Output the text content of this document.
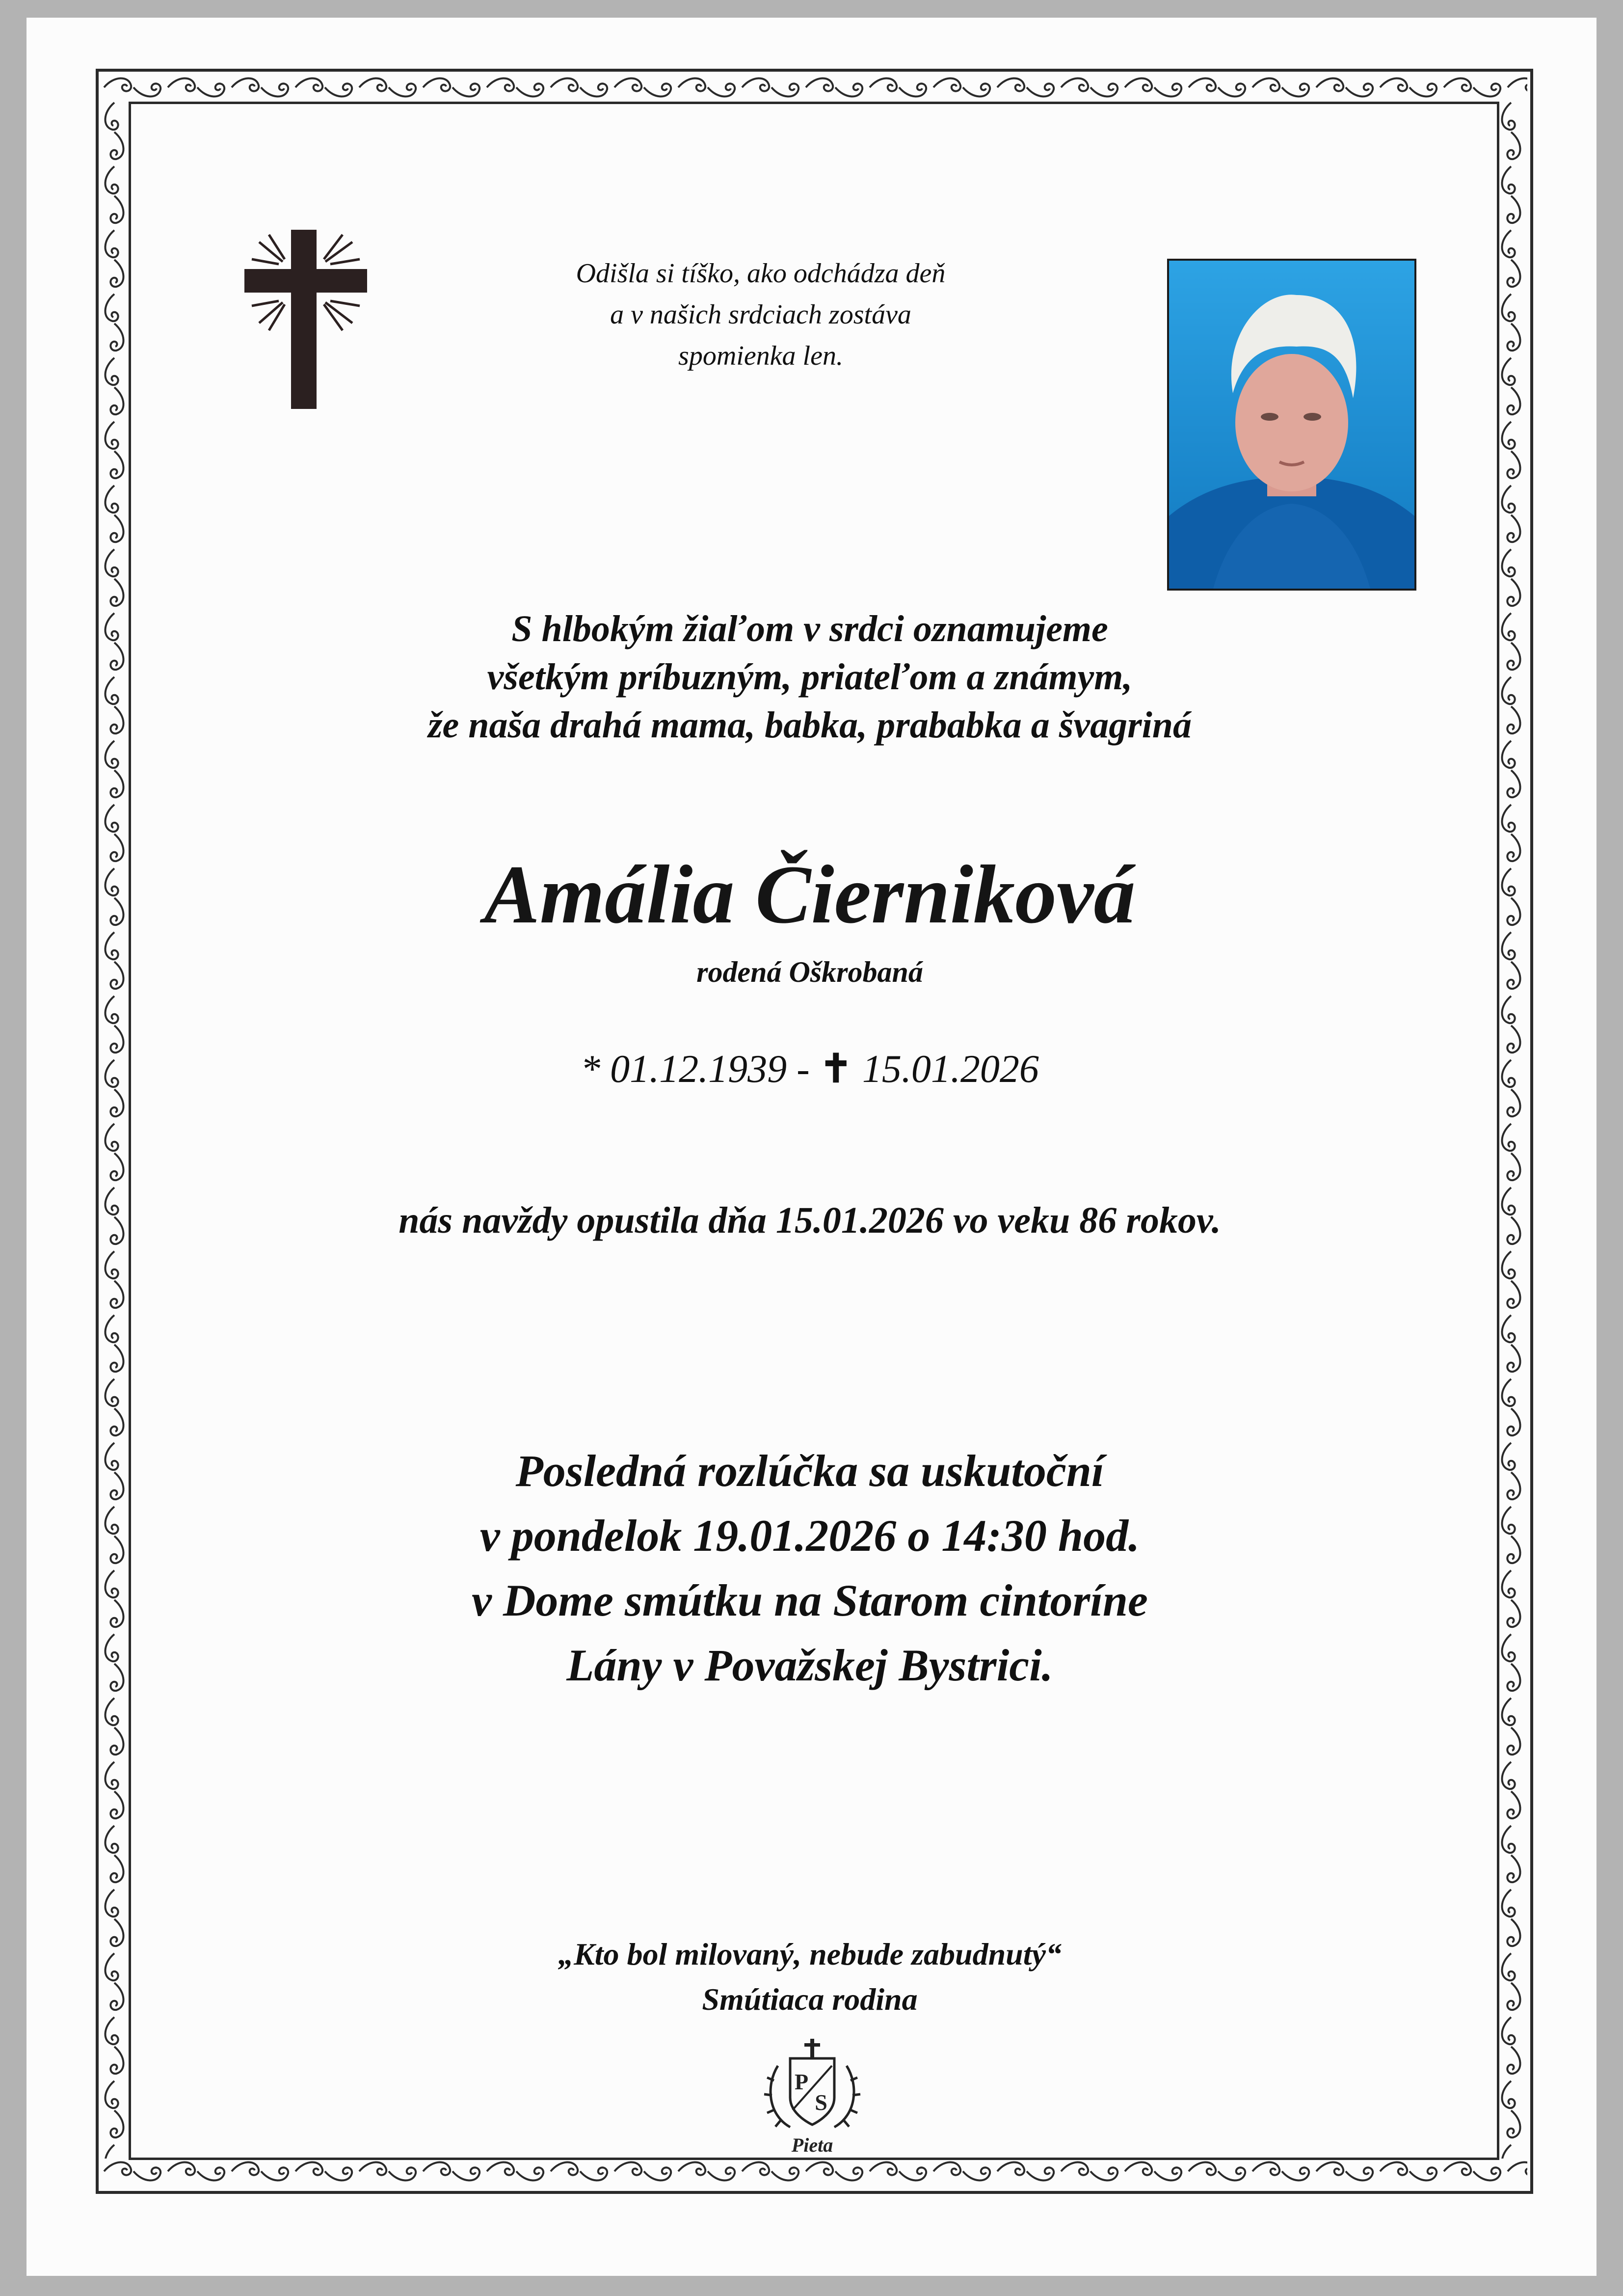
Odišla si tíško, ako odchádza deň
a v našich srdciach zostáva
spomienka len.
S hlbokým žiaľom v srdci oznamujeme
všetkým príbuzným, priateľom a známym,
že naša drahá mama, babka, prababka a švagriná
Amália Čierniková
rodená Oškrobaná
* 01.12.1939 - ✝ 15.01.2026
nás navždy opustila dňa 15.01.2026 vo veku 86 rokov.
Posledná rozlúčka sa uskutoční
v pondelok 19.01.2026 o 14:30 hod.
v Dome smútku na Starom cintoríne
Lány v Považskej Bystrici.
„Kto bol milovaný, nebude zabudnutý“
Smútiaca rodina
P
S
Pieta
